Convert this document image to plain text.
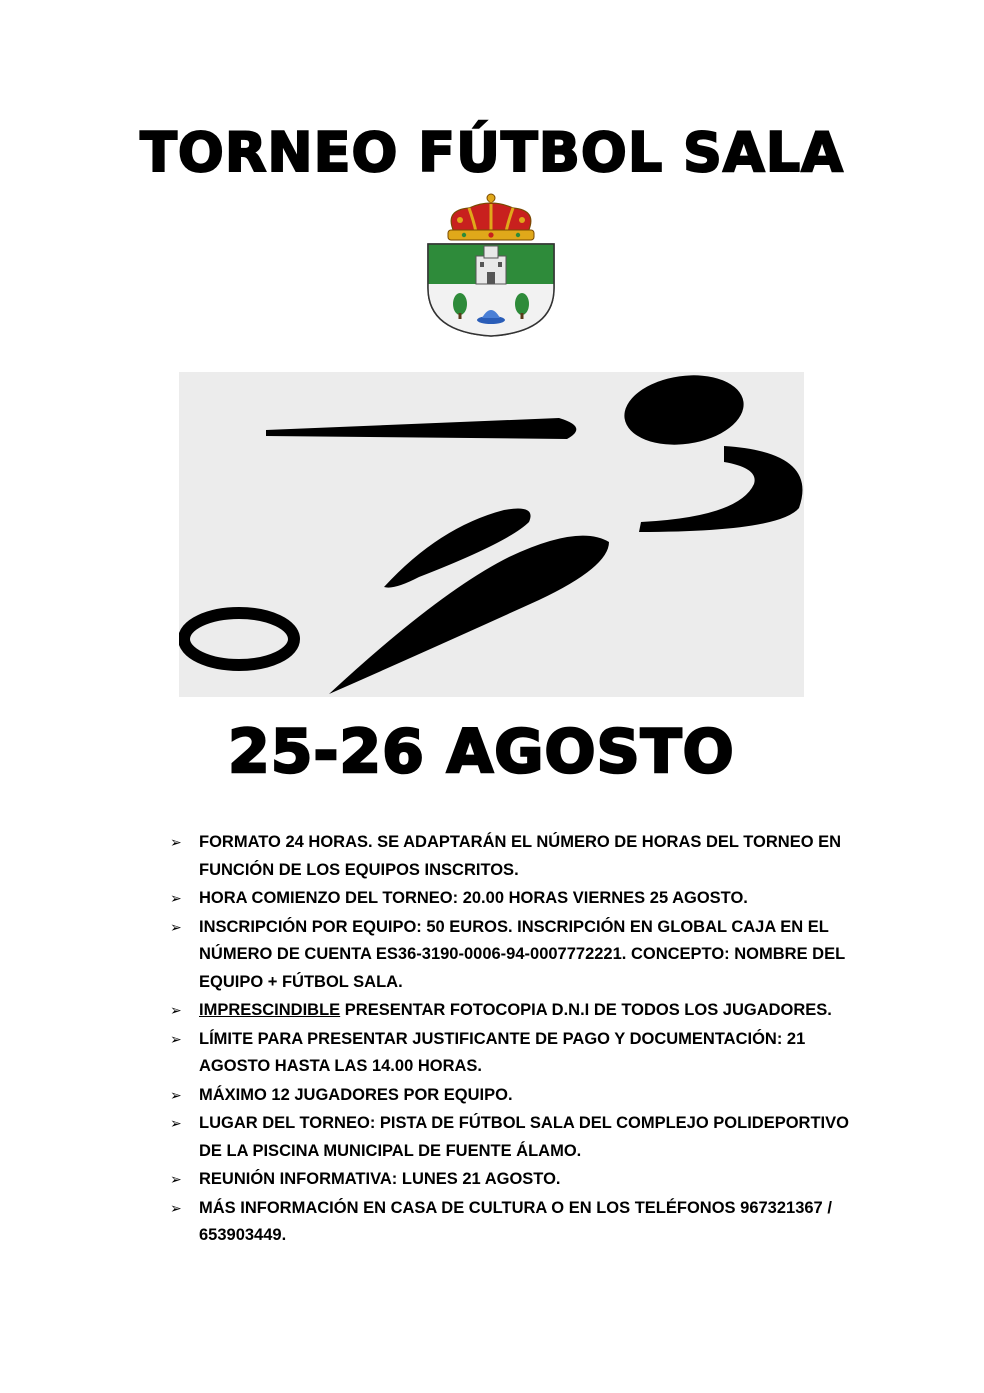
TORNEO FÚTBOL SALA
25-26 AGOSTO
➢ FORMATO 24 HORAS. SE ADAPTARÁN EL NÚMERO DE HORAS DEL TORNEO EN FUNCIÓN DE LOS EQUIPOS INSCRITOS.
➢ HORA COMIENZO DEL TORNEO: 20.00 HORAS VIERNES 25 AGOSTO.
➢ INSCRIPCIÓN POR EQUIPO: 50 EUROS. INSCRIPCIÓN EN GLOBAL CAJA EN EL NÚMERO DE CUENTA ES36-3190-0006-94-0007772221. CONCEPTO: NOMBRE DEL EQUIPO + FÚTBOL SALA.
➢ IMPRESCINDIBLE PRESENTAR FOTOCOPIA D.N.I DE TODOS LOS JUGADORES.
➢ LÍMITE PARA PRESENTAR JUSTIFICANTE DE PAGO Y DOCUMENTACIÓN: 21 AGOSTO HASTA LAS 14.00 HORAS.
➢ MÁXIMO 12 JUGADORES POR EQUIPO.
➢ LUGAR DEL TORNEO: PISTA DE FÚTBOL SALA DEL COMPLEJO POLIDEPORTIVO DE LA PISCINA MUNICIPAL DE FUENTE ÁLAMO.
➢ REUNIÓN INFORMATIVA: LUNES 21 AGOSTO.
➢ MÁS INFORMACIÓN EN CASA DE CULTURA O EN LOS TELÉFONOS 967321367 / 653903449.
